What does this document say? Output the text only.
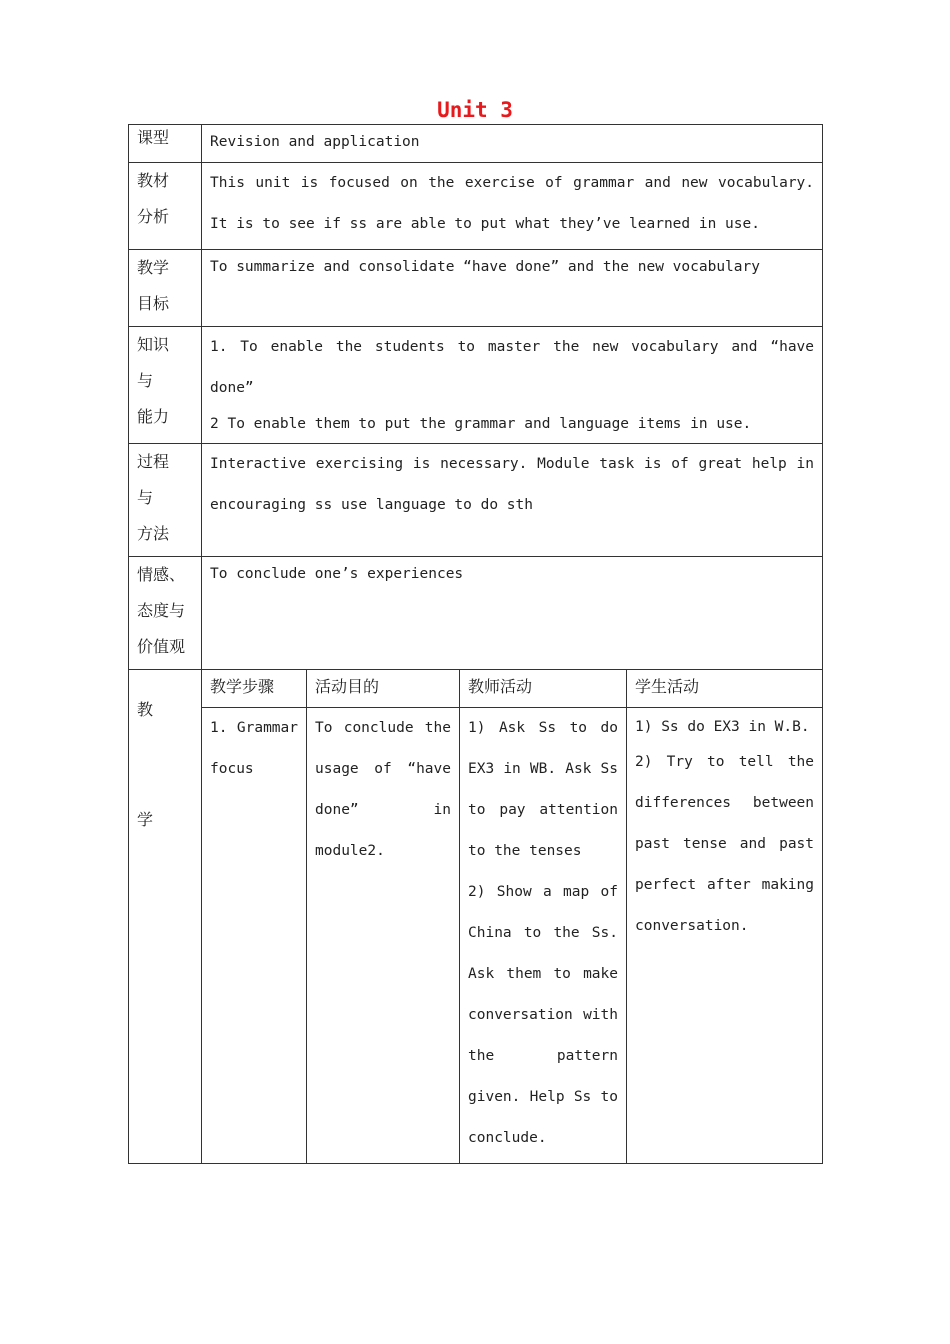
Unit 3
课型	Revision and application			

教材
分析	This unit is focused on the exercise of grammar and new vocabulary. It is to see if ss are able to put what they’ve learned in use.			

教学
目标	To summarize and consolidate “have done” and the new vocabulary			

知识
与
能力	1. To enable the students to master the new vocabulary and “have done”
2 To enable them to put the grammar and language items in use.			

过程
与
方法	Interactive exercising is necessary. Module task is of great help in encouraging ss use language to do sth			

情感、
态度与
价值观	To conclude one’s experiences			

教
学	教学步骤	活动目的	教师活动	学生活动
	1. Grammar focus	To conclude the usage of “have done” in module2.	1) Ask Ss to do EX3 in WB. Ask Ss to pay attention to the tenses
2) Show a map of China to the Ss. Ask them to make conversation with the pattern given. Help Ss to conclude.	1) Ss do EX3 in W.B.
2) Try to tell the differences between past tense and past perfect after making conversation.
